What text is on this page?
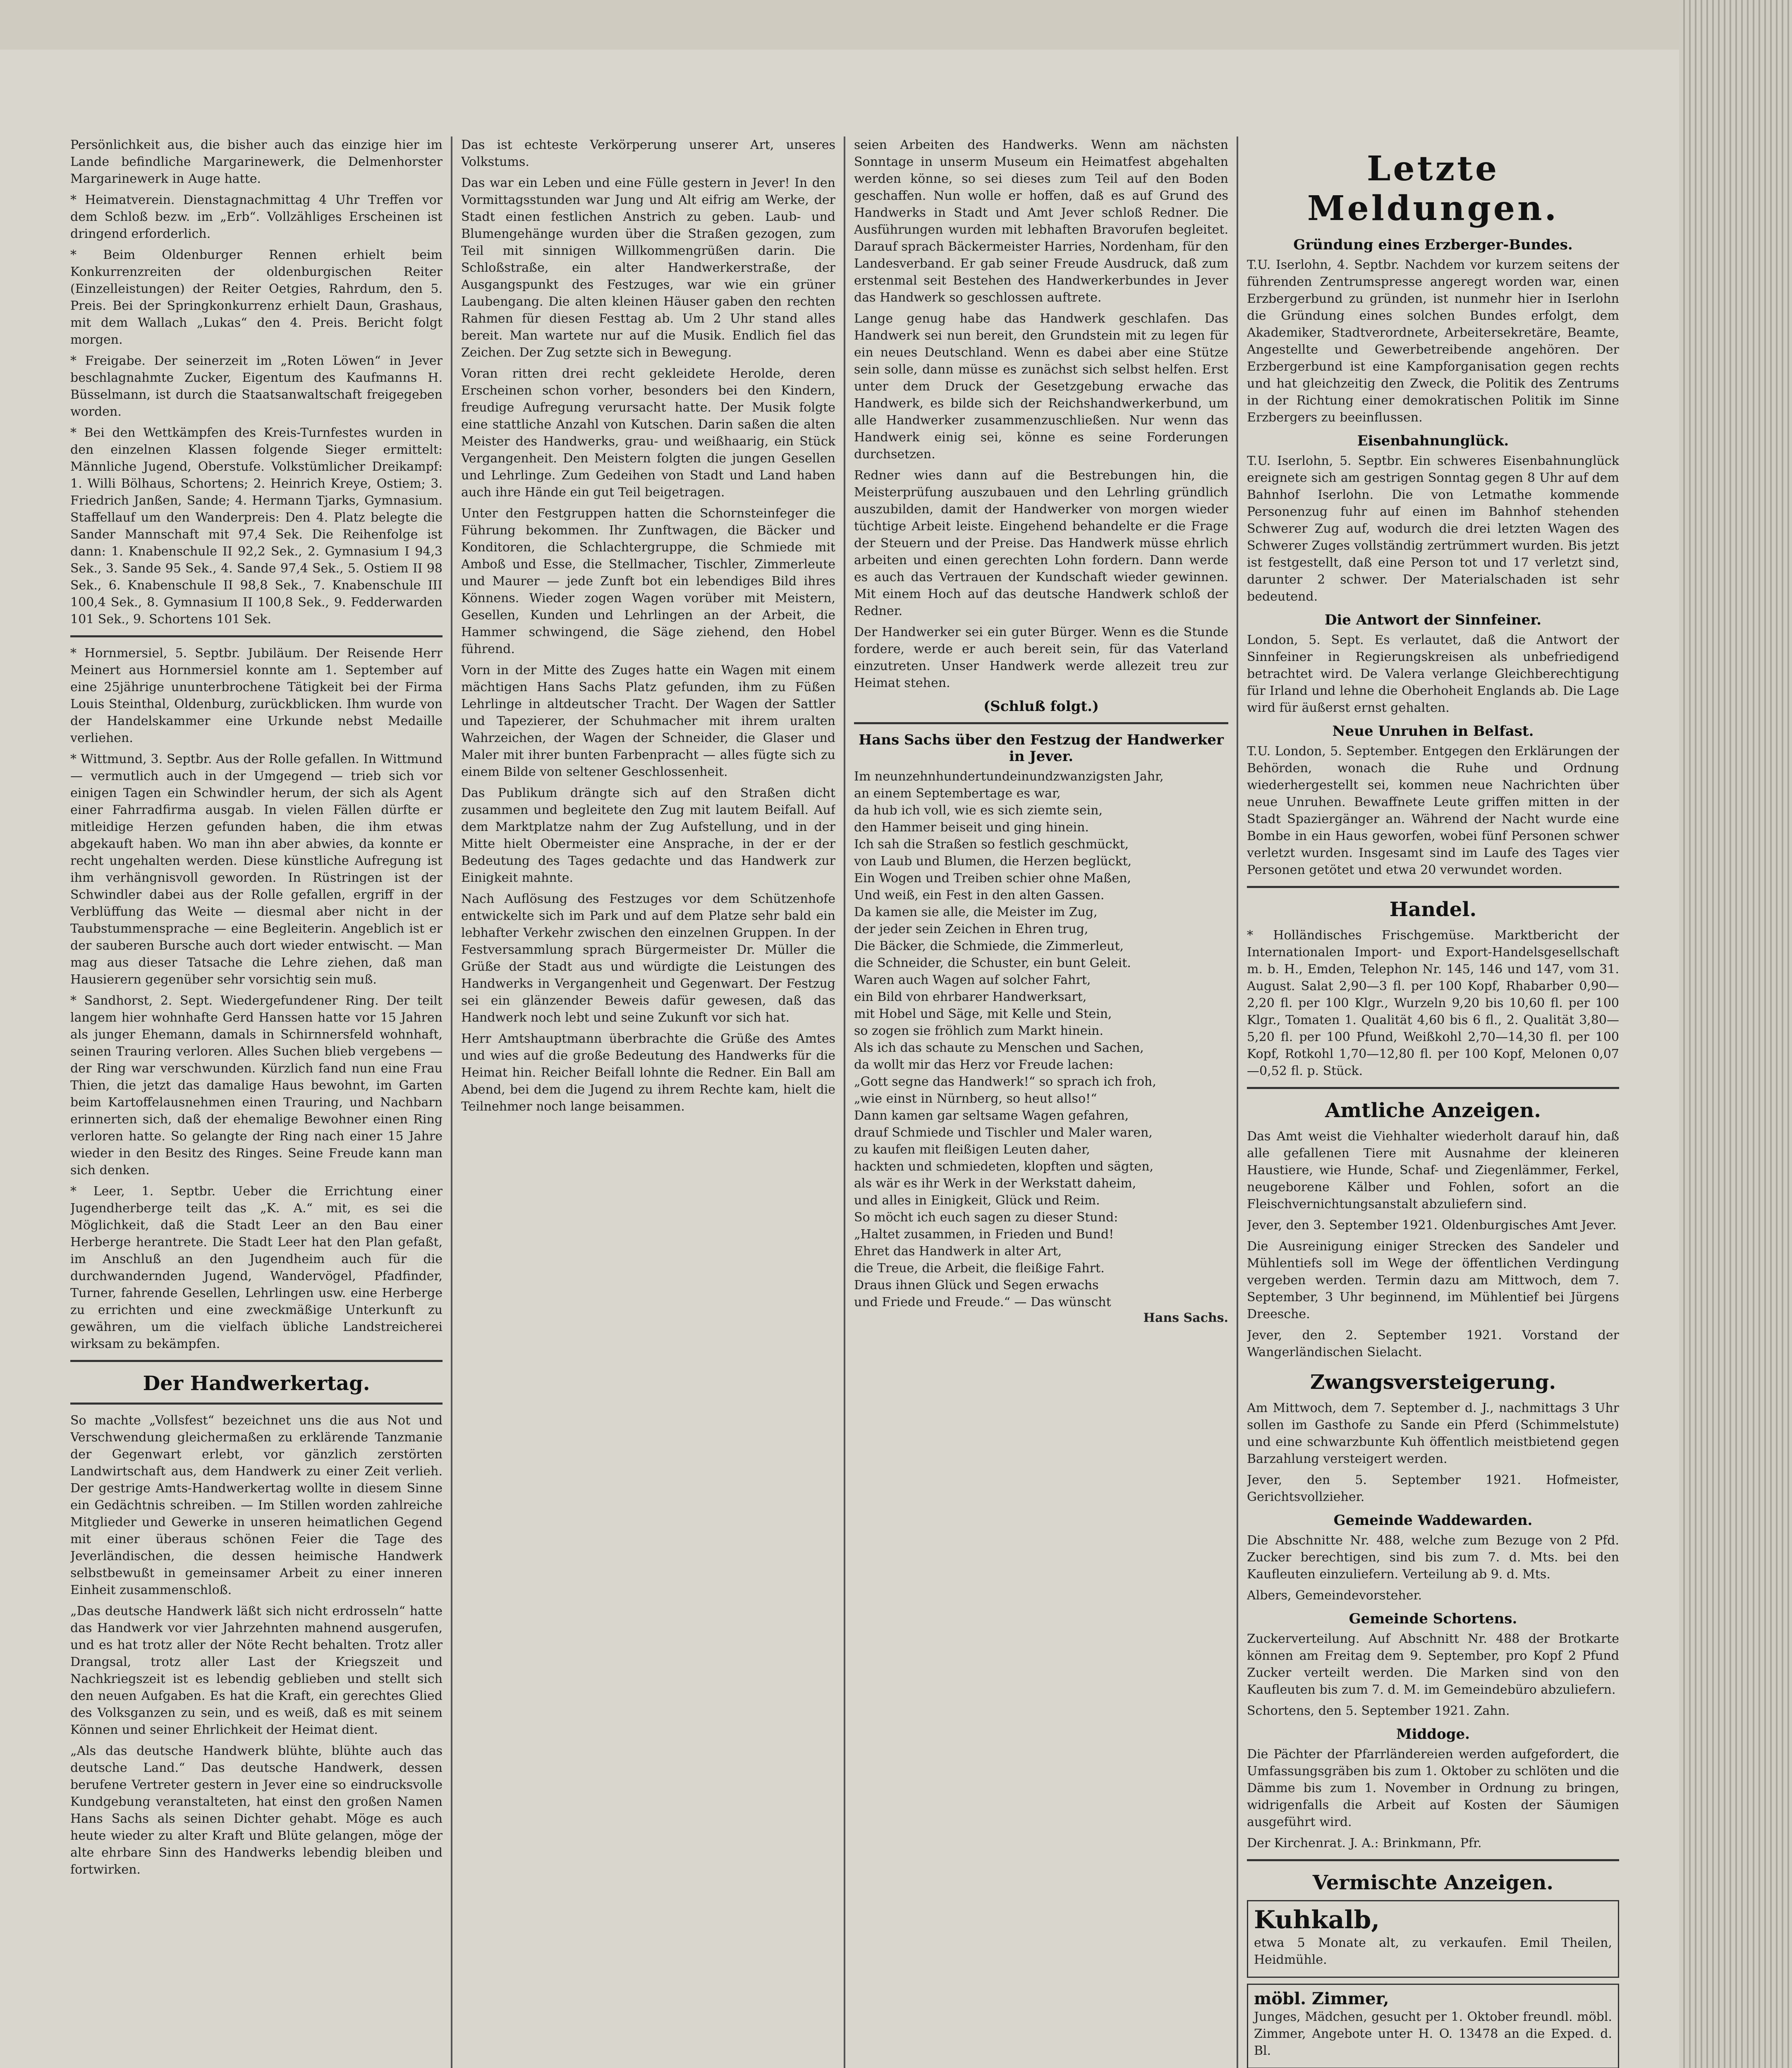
Persönlichkeit aus, die bisher auch das einzige hier im Lande befindliche Margarinewerk, die Delmenhorster Margarinewerk in Auge hatte.

* Heimatverein. Dienstagnachmittag 4 Uhr Treffen vor dem Schloß bezw. im „Erb“. Vollzähliges Erscheinen ist dringend erforderlich.

* Beim Oldenburger Rennen erhielt beim Konkurrenzreiten der oldenburgischen Reiter (Einzelleistungen) der Reiter Oetgies, Rahrdum, den 5. Preis. Bei der Springkonkurrenz erhielt Daun, Grashaus, mit dem Wallach „Lukas“ den 4. Preis. Bericht folgt morgen.

* Freigabe. Der seinerzeit im „Roten Löwen“ in Jever beschlagnahmte Zucker, Eigentum des Kaufmanns H. Büsselmann, ist durch die Staatsanwaltschaft freigegeben worden.

* Bei den Wettkämpfen des Kreis-Turnfestes wurden in den einzelnen Klassen folgende Sieger ermittelt: Männliche Jugend, Oberstufe. Volkstümlicher Dreikampf: 1. Willi Bölhaus, Schortens; 2. Heinrich Kreye, Ostiem; 3. Friedrich Janßen, Sande; 4. Hermann Tjarks, Gymnasium. Staffellauf um den Wanderpreis: Den 4. Platz belegte die Sander Mannschaft mit 97,4 Sek. Die Reihenfolge ist dann: 1. Knabenschule II 92,2 Sek., 2. Gymnasium I 94,3 Sek., 3. Sande 95 Sek., 4. Sande 97,4 Sek., 5. Ostiem II 98 Sek., 6. Knabenschule II 98,8 Sek., 7. Knabenschule III 100,4 Sek., 8. Gymnasium II 100,8 Sek., 9. Fedderwarden 101 Sek., 9. Schortens 101 Sek.

* Hornmersiel, 5. Septbr. Jubiläum. Der Reisende Herr Meinert aus Hornmersiel konnte am 1. September auf eine 25jährige ununterbrochene Tätigkeit bei der Firma Louis Steinthal, Oldenburg, zurückblicken. Ihm wurde von der Handelskammer eine Urkunde nebst Medaille verliehen.

* Wittmund, 3. Septbr. Aus der Rolle gefallen. In Wittmund — vermutlich auch in der Umgegend — trieb sich vor einigen Tagen ein Schwindler herum, der sich als Agent einer Fahrradfirma ausgab. In vielen Fällen dürfte er mitleidige Herzen gefunden haben, die ihm etwas abgekauft haben. Wo man ihn aber abwies, da konnte er recht ungehalten werden. Diese künstliche Aufregung ist ihm verhängnisvoll geworden. In Rüstringen ist der Schwindler dabei aus der Rolle gefallen, ergriff in der Verblüffung das Weite — diesmal aber nicht in der Taubstummensprache — eine Begleiterin. Angeblich ist er der sauberen Bursche auch dort wieder entwischt. — Man mag aus dieser Tatsache die Lehre ziehen, daß man Hausierern gegenüber sehr vorsichtig sein muß.

* Sandhorst, 2. Sept. Wiedergefundener Ring. Der teilt langem hier wohnhafte Gerd Hanssen hatte vor 15 Jahren als junger Ehemann, damals in Schirnnersfeld wohnhaft, seinen Trauring verloren. Alles Suchen blieb vergebens — der Ring war verschwunden. Kürzlich fand nun eine Frau Thien, die jetzt das damalige Haus bewohnt, im Garten beim Kartoffelausnehmen einen Trauring, und Nachbarn erinnerten sich, daß der ehemalige Bewohner einen Ring verloren hatte. So gelangte der Ring nach einer 15 Jahre wieder in den Besitz des Ringes. Seine Freude kann man sich denken.

* Leer, 1. Septbr. Ueber die Errichtung einer Jugendherberge teilt das „K. A.“ mit, es sei die Möglichkeit, daß die Stadt Leer an den Bau einer Herberge herantrete. Die Stadt Leer hat den Plan gefaßt, im Anschluß an den Jugendheim auch für die durchwandernden Jugend, Wandervögel, Pfadfinder, Turner, fahrende Gesellen, Lehrlingen usw. eine Herberge zu errichten und eine zweckmäßige Unterkunft zu gewähren, um die vielfach übliche Landstreicherei wirksam zu bekämpfen.

Der Handwerkertag.

So machte „Vollsfest“ bezeichnet uns die aus Not und Verschwendung gleichermaßen zu erklärende Tanzmanie der Gegenwart erlebt, vor gänzlich zerstörten Landwirtschaft aus, dem Handwerk zu einer Zeit verlieh. Der gestrige Amts-Handwerkertag wollte in diesem Sinne ein Gedächtnis schreiben. — Im Stillen worden zahlreiche Mitglieder und Gewerke in unseren heimatlichen Gegend mit einer überaus schönen Feier die Tage des Jeverländischen, die dessen heimische Handwerk selbstbewußt in gemeinsamer Arbeit zu einer inneren Einheit zusammenschloß.

„Das deutsche Handwerk läßt sich nicht erdrosseln“ hatte das Handwerk vor vier Jahrzehnten mahnend ausgerufen, und es hat trotz aller der Nöte Recht behalten. Trotz aller Drangsal, trotz aller Last der Kriegszeit und Nachkriegszeit ist es lebendig geblieben und stellt sich den neuen Aufgaben. Es hat die Kraft, ein gerechtes Glied des Volksganzen zu sein, und es weiß, daß es mit seinem Können und seiner Ehrlichkeit der Heimat dient.

„Als das deutsche Handwerk blühte, blühte auch das deutsche Land.“ Das deutsche Handwerk, dessen berufene Vertreter gestern in Jever eine so eindrucksvolle Kundgebung veranstalteten, hat einst den großen Namen Hans Sachs als seinen Dichter gehabt. Möge es auch heute wieder zu alter Kraft und Blüte gelangen, möge der alte ehrbare Sinn des Handwerks lebendig bleiben und fortwirken.

Das ist echteste Verkörperung unserer Art, unseres Volkstums.

Das war ein Leben und eine Fülle gestern in Jever! In den Vormittagsstunden war Jung und Alt eifrig am Werke, der Stadt einen festlichen Anstrich zu geben. Laub- und Blumengehänge wurden über die Straßen gezogen, zum Teil mit sinnigen Willkommengrüßen darin. Die Schloßstraße, ein alter Handwerkerstraße, der Ausgangspunkt des Festzuges, war wie ein grüner Laubengang. Die alten kleinen Häuser gaben den rechten Rahmen für diesen Festtag ab. Um 2 Uhr stand alles bereit. Man wartete nur auf die Musik. Endlich fiel das Zeichen. Der Zug setzte sich in Bewegung.

Voran ritten drei recht gekleidete Herolde, deren Erscheinen schon vorher, besonders bei den Kindern, freudige Aufregung verursacht hatte. Der Musik folgte eine stattliche Anzahl von Kutschen. Darin saßen die alten Meister des Handwerks, grau- und weißhaarig, ein Stück Vergangenheit. Den Meistern folgten die jungen Gesellen und Lehrlinge. Zum Gedeihen von Stadt und Land haben auch ihre Hände ein gut Teil beigetragen.

Unter den Festgruppen hatten die Schornsteinfeger die Führung bekommen. Ihr Zunftwagen, die Bäcker und Konditoren, die Schlachtergruppe, die Schmiede mit Amboß und Esse, die Stellmacher, Tischler, Zimmerleute und Maurer — jede Zunft bot ein lebendiges Bild ihres Könnens. Wieder zogen Wagen vorüber mit Meistern, Gesellen, Kunden und Lehrlingen an der Arbeit, die Hammer schwingend, die Säge ziehend, den Hobel führend.

Vorn in der Mitte des Zuges hatte ein Wagen mit einem mächtigen Hans Sachs Platz gefunden, ihm zu Füßen Lehrlinge in altdeutscher Tracht. Der Wagen der Sattler und Tapezierer, der Schuhmacher mit ihrem uralten Wahrzeichen, der Wagen der Schneider, die Glaser und Maler mit ihrer bunten Farbenpracht — alles fügte sich zu einem Bilde von seltener Geschlossenheit.

Das Publikum drängte sich auf den Straßen dicht zusammen und begleitete den Zug mit lautem Beifall. Auf dem Marktplatze nahm der Zug Aufstellung, und in der Mitte hielt Obermeister eine Ansprache, in der er der Bedeutung des Tages gedachte und das Handwerk zur Einigkeit mahnte.

Nach Auflösung des Festzuges vor dem Schützenhofe entwickelte sich im Park und auf dem Platze sehr bald ein lebhafter Verkehr zwischen den einzelnen Gruppen. In der Festversammlung sprach Bürgermeister Dr. Müller die Grüße der Stadt aus und würdigte die Leistungen des Handwerks in Vergangenheit und Gegenwart. Der Festzug sei ein glänzender Beweis dafür gewesen, daß das Handwerk noch lebt und seine Zukunft vor sich hat.

Herr Amtshauptmann überbrachte die Grüße des Amtes und wies auf die große Bedeutung des Handwerks für die Heimat hin. Reicher Beifall lohnte die Redner. Ein Ball am Abend, bei dem die Jugend zu ihrem Rechte kam, hielt die Teilnehmer noch lange beisammen.

seien Arbeiten des Handwerks. Wenn am nächsten Sonntage in unserm Museum ein Heimatfest abgehalten werden könne, so sei dieses zum Teil auf den Boden geschaffen. Nun wolle er hoffen, daß es auf Grund des Handwerks in Stadt und Amt Jever schloß Redner. Die Ausführungen wurden mit lebhaften Bravorufen begleitet. Darauf sprach Bäckermeister Harries, Nordenham, für den Landesverband. Er gab seiner Freude Ausdruck, daß zum erstenmal seit Bestehen des Handwerkerbundes in Jever das Handwerk so geschlossen auftrete.

Lange genug habe das Handwerk geschlafen. Das Handwerk sei nun bereit, den Grundstein mit zu legen für ein neues Deutschland. Wenn es dabei aber eine Stütze sein solle, dann müsse es zunächst sich selbst helfen. Erst unter dem Druck der Gesetzgebung erwache das Handwerk, es bilde sich der Reichshandwerkerbund, um alle Handwerker zusammenzuschließen. Nur wenn das Handwerk einig sei, könne es seine Forderungen durchsetzen.

Redner wies dann auf die Bestrebungen hin, die Meisterprüfung auszubauen und den Lehrling gründlich auszubilden, damit der Handwerker von morgen wieder tüchtige Arbeit leiste. Eingehend behandelte er die Frage der Steuern und der Preise. Das Handwerk müsse ehrlich arbeiten und einen gerechten Lohn fordern. Dann werde es auch das Vertrauen der Kundschaft wieder gewinnen. Mit einem Hoch auf das deutsche Handwerk schloß der Redner.

Der Handwerker sei ein guter Bürger. Wenn es die Stunde fordere, werde er auch bereit sein, für das Vaterland einzutreten. Unser Handwerk werde allezeit treu zur Heimat stehen.

(Schluß folgt.)
Hans Sachs über den Festzug der Handwerker in Jever.
Im neunzehnhundertundeinundzwanzigsten Jahr,
an einem Septembertage es war,
da hub ich voll, wie es sich ziemte sein,
den Hammer beiseit und ging hinein.
Ich sah die Straßen so festlich geschmückt,
von Laub und Blumen, die Herzen beglückt,
Ein Wogen und Treiben schier ohne Maßen,
Und weiß, ein Fest in den alten Gassen.
Da kamen sie alle, die Meister im Zug,
der jeder sein Zeichen in Ehren trug,
Die Bäcker, die Schmiede, die Zimmerleut,
die Schneider, die Schuster, ein bunt Geleit.
Waren auch Wagen auf solcher Fahrt,
ein Bild von ehrbarer Handwerksart,
mit Hobel und Säge, mit Kelle und Stein,
so zogen sie fröhlich zum Markt hinein.
Als ich das schaute zu Menschen und Sachen,
da wollt mir das Herz vor Freude lachen:
„Gott segne das Handwerk!“ so sprach ich froh,
„wie einst in Nürnberg, so heut allso!“
Dann kamen gar seltsame Wagen gefahren,
drauf Schmiede und Tischler und Maler waren,
zu kaufen mit fleißigen Leuten daher,
hackten und schmiedeten, klopften und sägten,
als wär es ihr Werk in der Werkstatt daheim,
und alles in Einigkeit, Glück und Reim.
So möcht ich euch sagen zu dieser Stund:
„Haltet zusammen, in Frieden und Bund!
Ehret das Handwerk in alter Art,
die Treue, die Arbeit, die fleißige Fahrt.
Draus ihnen Glück und Segen erwachs
und Friede und Freude.“ — Das wünscht
Hans Sachs.
Letzte Meldungen.
Gründung eines Erzberger-Bundes.

T.U. Iserlohn, 4. Septbr. Nachdem vor kurzem seitens der führenden Zentrumspresse angeregt worden war, einen Erzbergerbund zu gründen, ist nunmehr hier in Iserlohn die Gründung eines solchen Bundes erfolgt, dem Akademiker, Stadtverordnete, Arbeitersekretäre, Beamte, Angestellte und Gewerbetreibende angehören. Der Erzbergerbund ist eine Kampforganisation gegen rechts und hat gleichzeitig den Zweck, die Politik des Zentrums in der Richtung einer demokratischen Politik im Sinne Erzbergers zu beeinflussen.

Eisenbahnunglück.

T.U. Iserlohn, 5. Septbr. Ein schweres Eisenbahnunglück ereignete sich am gestrigen Sonntag gegen 8 Uhr auf dem Bahnhof Iserlohn. Die von Letmathe kommende Personenzug fuhr auf einen im Bahnhof stehenden Schwerer Zug auf, wodurch die drei letzten Wagen des Schwerer Zuges vollständig zertrümmert wurden. Bis jetzt ist festgestellt, daß eine Person tot und 17 verletzt sind, darunter 2 schwer. Der Materialschaden ist sehr bedeutend.

Die Antwort der Sinnfeiner.

London, 5. Sept. Es verlautet, daß die Antwort der Sinnfeiner in Regierungskreisen als unbefriedigend betrachtet wird. De Valera verlange Gleichberechtigung für Irland und lehne die Oberhoheit Englands ab. Die Lage wird für äußerst ernst gehalten.

Neue Unruhen in Belfast.

T.U. London, 5. September. Entgegen den Erklärungen der Behörden, wonach die Ruhe und Ordnung wiederhergestellt sei, kommen neue Nachrichten über neue Unruhen. Bewaffnete Leute griffen mitten in der Stadt Spaziergänger an. Während der Nacht wurde eine Bombe in ein Haus geworfen, wobei fünf Personen schwer verletzt wurden. Insgesamt sind im Laufe des Tages vier Personen getötet und etwa 20 verwundet worden.

Handel.

* Holländisches Frischgemüse. Marktbericht der Internationalen Import- und Export-Handelsgesellschaft m. b. H., Emden, Telephon Nr. 145, 146 und 147, vom 31. August. Salat 2,90—3 fl. per 100 Kopf, Rhabarber 0,90—2,20 fl. per 100 Klgr., Wurzeln 9,20 bis 10,60 fl. per 100 Klgr., Tomaten 1. Qualität 4,60 bis 6 fl., 2. Qualität 3,80—5,20 fl. per 100 Pfund, Weißkohl 2,70—14,30 fl. per 100 Kopf, Rotkohl 1,70—12,80 fl. per 100 Kopf, Melonen 0,07—0,52 fl. p. Stück.

Amtliche Anzeigen.

Das Amt weist die Viehhalter wiederholt darauf hin, daß alle gefallenen Tiere mit Ausnahme der kleineren Haustiere, wie Hunde, Schaf- und Ziegenlämmer, Ferkel, neugeborene Kälber und Fohlen, sofort an die Fleischvernichtungsanstalt abzuliefern sind.

Jever, den 3. September 1921. Oldenburgisches Amt Jever.

Die Ausreinigung einiger Strecken des Sandeler und Mühlentiefs soll im Wege der öffentlichen Verdingung vergeben werden. Termin dazu am Mittwoch, dem 7. September, 3 Uhr beginnend, im Mühlentief bei Jürgens Dreesche.

Jever, den 2. September 1921. Vorstand der Wangerländischen Sielacht.

Zwangsversteigerung.

Am Mittwoch, dem 7. September d. J., nachmittags 3 Uhr sollen im Gasthofe zu Sande ein Pferd (Schimmelstute) und eine schwarzbunte Kuh öffentlich meistbietend gegen Barzahlung versteigert werden.

Jever, den 5. September 1921. Hofmeister, Gerichtsvollzieher.

Gemeinde Waddewarden.

Die Abschnitte Nr. 488, welche zum Bezuge von 2 Pfd. Zucker berechtigen, sind bis zum 7. d. Mts. bei den Kaufleuten einzuliefern. Verteilung ab 9. d. Mts.

Albers, Gemeindevorsteher.

Gemeinde Schortens.

Zuckerverteilung. Auf Abschnitt Nr. 488 der Brotkarte können am Freitag dem 9. September, pro Kopf 2 Pfund Zucker verteilt werden. Die Marken sind von den Kaufleuten bis zum 7. d. M. im Gemeindebüro abzuliefern.

Schortens, den 5. September 1921. Zahn.

Middoge.

Die Pächter der Pfarrländereien werden aufgefordert, die Umfassungsgräben bis zum 1. Oktober zu schlöten und die Dämme bis zum 1. November in Ordnung zu bringen, widrigenfalls die Arbeit auf Kosten der Säumigen ausgeführt wird.

Der Kirchenrat. J. A.: Brinkmann, Pfr.

Vermischte Anzeigen.
Kuhkalb,

etwa 5 Monate alt, zu verkaufen. Emil Theilen, Heidmühle.

möbl. Zimmer,

Junges, Mädchen, gesucht per 1. Oktober freundl. möbl. Zimmer, Angebote unter H. O. 13478 an die Exped. d. Bl.
